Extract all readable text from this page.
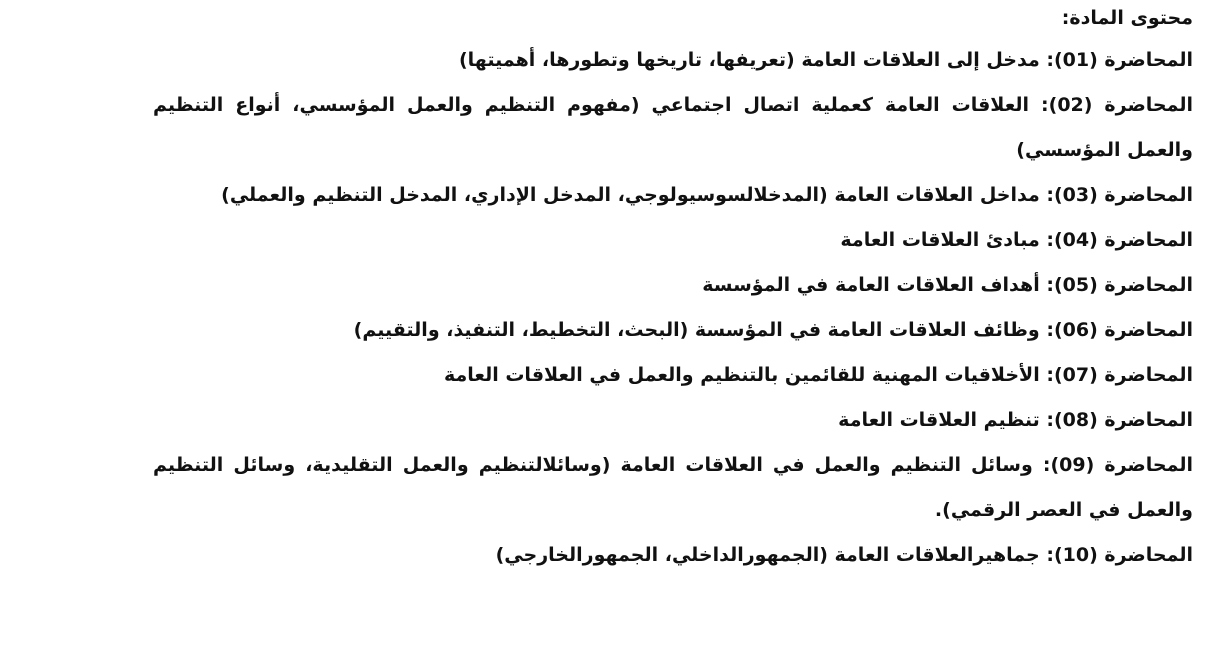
محتوى المادة:
المحاضرة (01): مدخل إلى العلاقات العامة (تعريفها، تاريخها وتطورها، أهميتها)
المحاضرة (02): العلاقات العامة كعملية اتصال اجتماعي (مفهوم التنظيم والعمل المؤسسي، أنواع التنظيم والعمل المؤسسي)
المحاضرة (03): مداخل العلاقات العامة (المدخلالسوسيولوجي، المدخل الإداري، المدخل التنظيم والعملي)
المحاضرة (04): مبادئ العلاقات العامة
المحاضرة (05): أهداف العلاقات العامة في المؤسسة
المحاضرة (06): وظائف العلاقات العامة في المؤسسة (البحث، التخطيط، التنفيذ، والتقييم)
المحاضرة (07): الأخلاقيات المهنية للقائمين بالتنظيم والعمل في العلاقات العامة
المحاضرة (08): تنظيم العلاقات العامة
المحاضرة (09): وسائل التنظيم والعمل في العلاقات العامة (وسائلالتنظيم والعمل التقليدية، وسائل التنظيم والعمل في العصر الرقمي).
المحاضرة (10): جماهيرالعلاقات العامة (الجمهورالداخلي، الجمهورالخارجي)
